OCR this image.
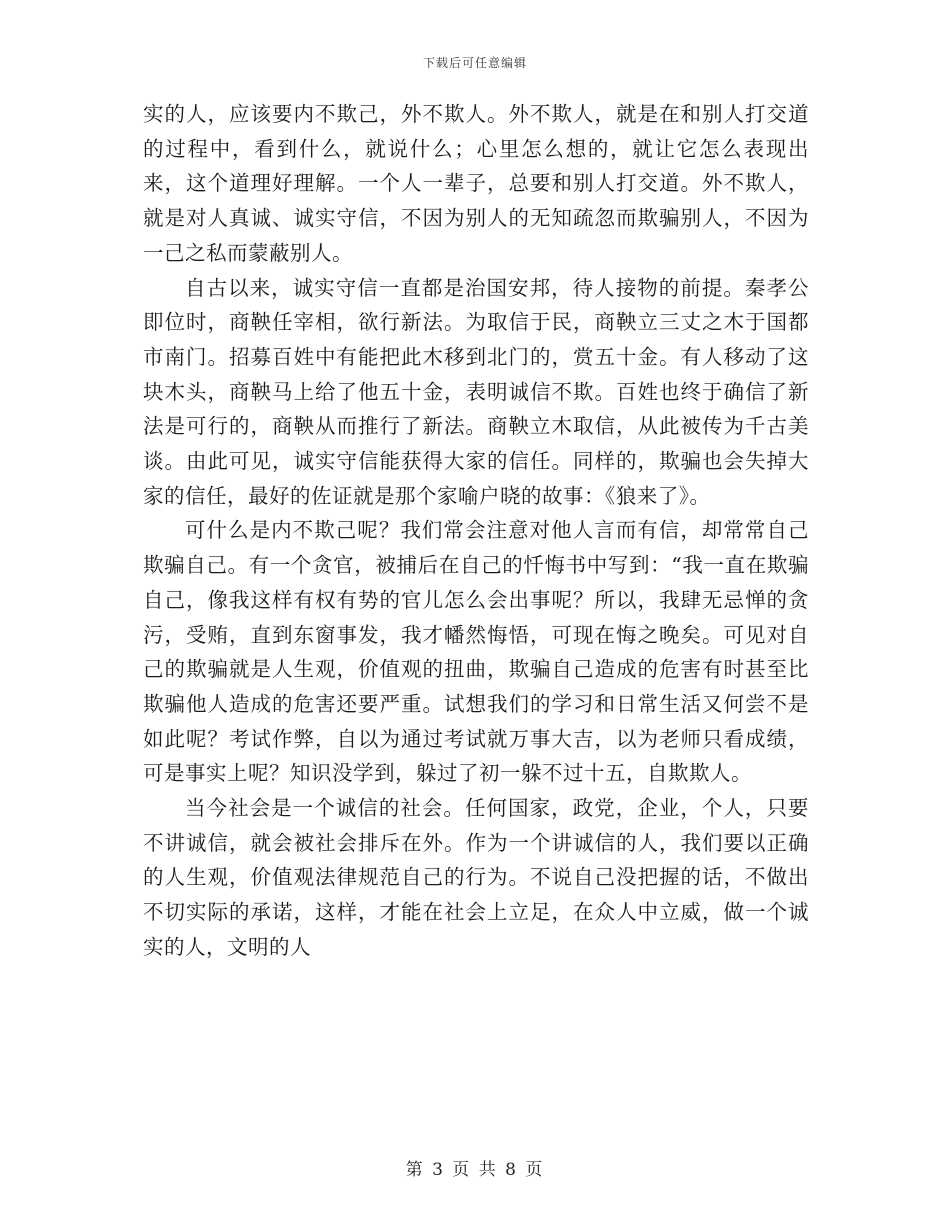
下载后可任意编辑

实的人，应该要内不欺己，外不欺人。外不欺人，就是在和别人打交道的过程中，看到什么，就说什么；心里怎么想的，就让它怎么表现出来，这个道理好理解。一个人一辈子，总要和别人打交道。外不欺人，就是对人真诚、诚实守信，不因为别人的无知疏忽而欺骗别人，不因为一己之私而蒙蔽别人。

自古以来，诚实守信一直都是治国安邦，待人接物的前提。秦孝公即位时，商鞅任宰相，欲行新法。为取信于民，商鞅立三丈之木于国都市南门。招募百姓中有能把此木移到北门的，赏五十金。有人移动了这块木头，商鞅马上给了他五十金，表明诚信不欺。百姓也终于确信了新法是可行的，商鞅从而推行了新法。商鞅立木取信，从此被传为千古美谈。由此可见，诚实守信能获得大家的信任。同样的，欺骗也会失掉大家的信任，最好的佐证就是那个家喻户晓的故事：《狼来了》。

可什么是内不欺己呢？我们常会注意对他人言而有信，却常常自己欺骗自己。有一个贪官，被捕后在自己的忏悔书中写到：“我一直在欺骗自己，像我这样有权有势的官儿怎么会出事呢？所以，我肆无忌惮的贪污，受贿，直到东窗事发，我才幡然悔悟，可现在悔之晚矣。可见对自己的欺骗就是人生观，价值观的扭曲，欺骗自己造成的危害有时甚至比欺骗他人造成的危害还要严重。试想我们的学习和日常生活又何尝不是如此呢？考试作弊，自以为通过考试就万事大吉，以为老师只看成绩，可是事实上呢？知识没学到，躲过了初一躲不过十五，自欺欺人。

当今社会是一个诚信的社会。任何国家，政党，企业，个人，只要不讲诚信，就会被社会排斥在外。作为一个讲诚信的人，我们要以正确的人生观，价值观法律规范自己的行为。不说自己没把握的话，不做出不切实际的承诺，这样，才能在社会上立足，在众人中立威，做一个诚实的人，文明的人

第 3 页 共 8 页
